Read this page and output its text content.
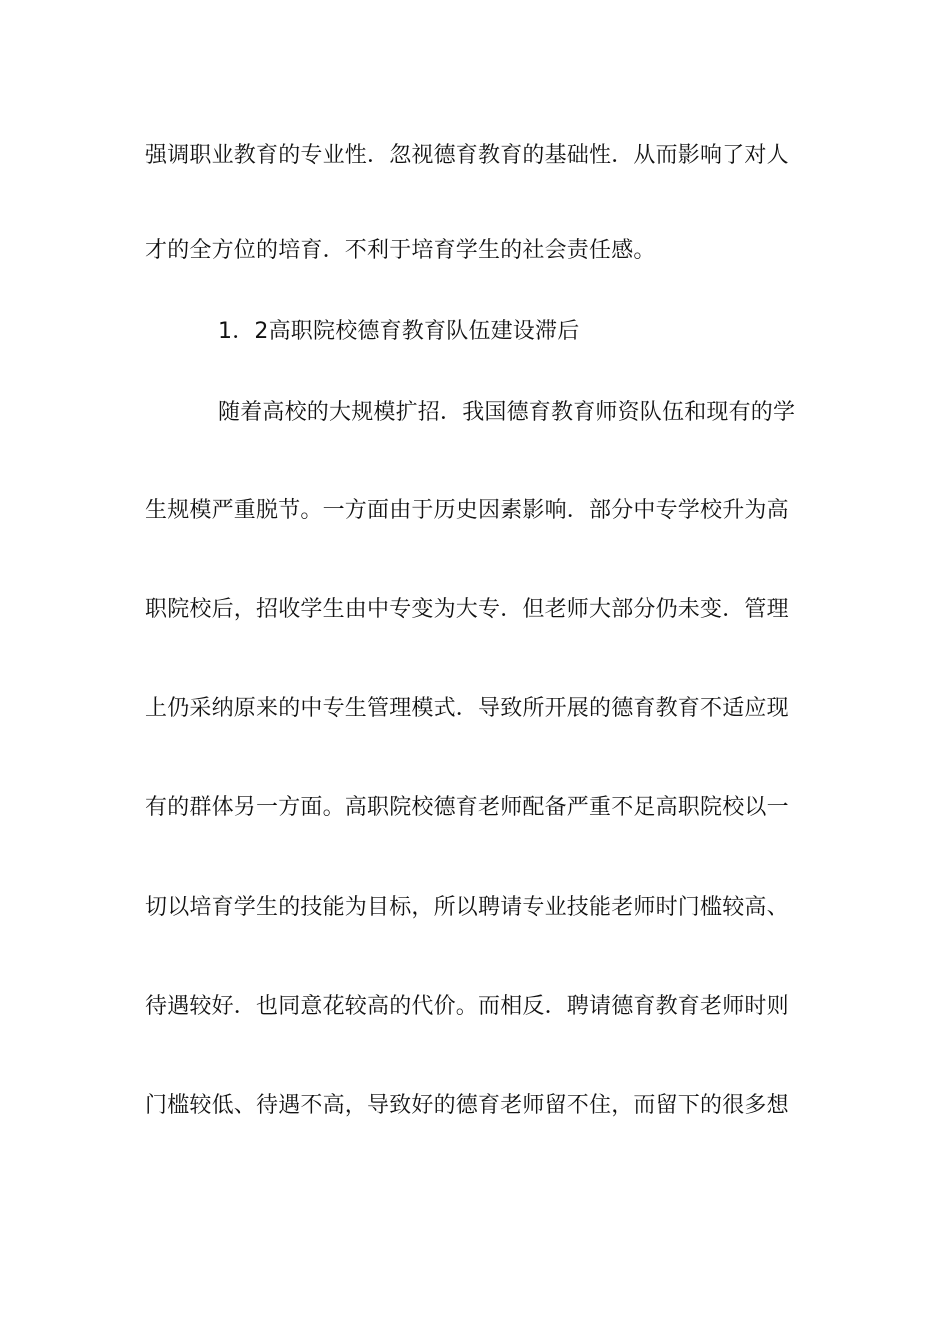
强调职业教育的专业性．忽视德育教育的基础性．从而影响了对人
才的全方位的培育．不利于培育学生的社会责任感。
1．2高职院校德育教育队伍建设滞后
随着高校的大规模扩招．我国德育教育师资队伍和现有的学
生规模严重脱节。一方面由于历史因素影响．部分中专学校升为高
职院校后，招收学生由中专变为大专．但老师大部分仍未变．管理
上仍采纳原来的中专生管理模式．导致所开展的德育教育不适应现
有的群体另一方面。高职院校德育老师配备严重不足高职院校以一
切以培育学生的技能为目标，所以聘请专业技能老师时门槛较高、
待遇较好．也同意花较高的代价。而相反．聘请德育教育老师时则
门槛较低、待遇不高，导致好的德育老师留不住，而留下的很多想
